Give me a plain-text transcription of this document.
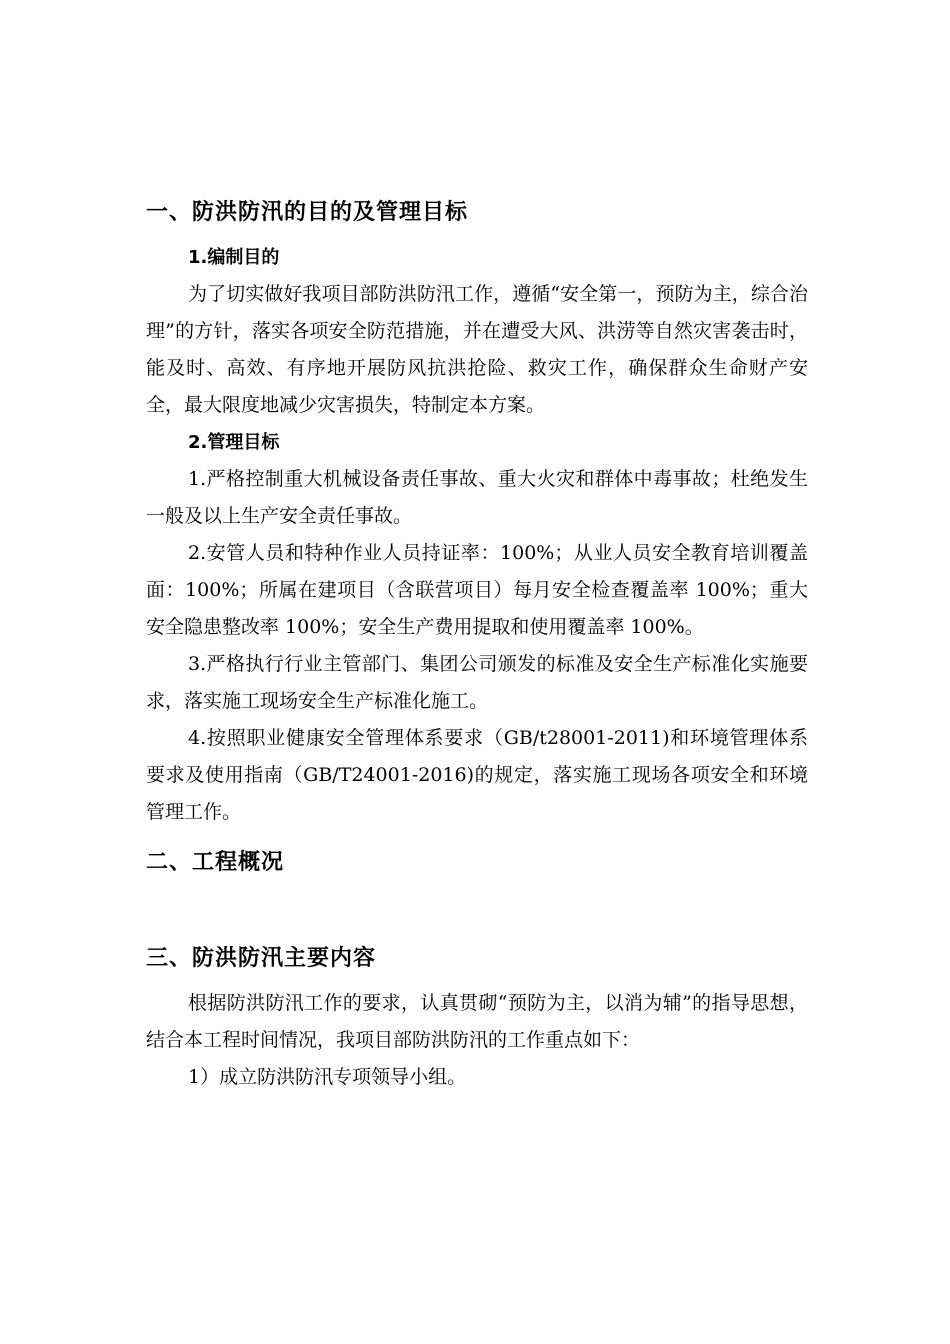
一、防洪防汛的目的及管理目标
1.编制目的

为了切实做好我项目部防洪防汛工作，遵循“安全第一，预防为主，综合治理”的方针，落实各项安全防范措施，并在遭受大风、洪涝等自然灾害袭击时，能及时、高效、有序地开展防风抗洪抢险、救灾工作，确保群众生命财产安全，最大限度地减少灾害损失，特制定本方案。

2.管理目标

1.严格控制重大机械设备责任事故、重大火灾和群体中毒事故；杜绝发生一般及以上生产安全责任事故。

2.安管人员和特种作业人员持证率：100%；从业人员安全教育培训覆盖面：100%；所属在建项目（含联营项目）每月安全检查覆盖率 100%；重大安全隐患整改率 100%；安全生产费用提取和使用覆盖率 100%。

3.严格执行行业主管部门、集团公司颁发的标准及安全生产标准化实施要求，落实施工现场安全生产标准化施工。

4.按照职业健康安全管理体系要求（GB/t28001-2011)和环境管理体系要求及使用指南（GB/T24001-2016)的规定，落实施工现场各项安全和环境管理工作。

二、工程概况
三、防洪防汛主要内容

根据防洪防汛工作的要求，认真贯砌“预防为主，以消为辅”的指导思想，结合本工程时间情况，我项目部防洪防汛的工作重点如下：

1）成立防洪防汛专项领导小组。
